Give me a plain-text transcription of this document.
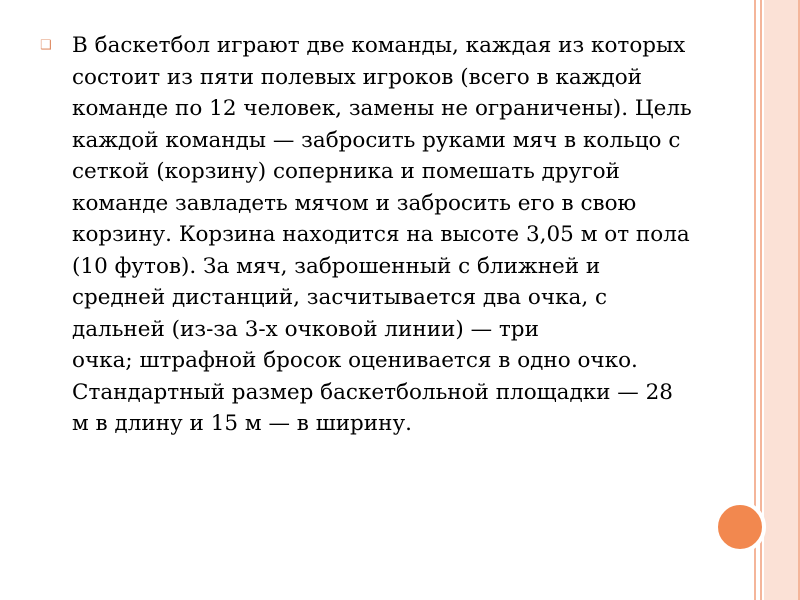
❑ В баскетбол играют две команды, каждая из которых
состоит из пяти полевых игроков (всего в каждой
команде по 12 человек, замены не ограничены). Цель
каждой команды — забросить руками мяч в кольцо с
сеткой (корзину) соперника и помешать другой
команде завладеть мячом и забросить его в свою
корзину. Корзина находится на высоте 3,05 м от пола
(10 футов). За мяч, заброшенный с ближней и
средней дистанций, засчитывается два очка, с
дальней (из-за 3-х очковой линии) — три
очка; штрафной бросок оценивается в одно очко.
Стандартный размер баскетбольной площадки — 28
м в длину и 15 м — в ширину.
